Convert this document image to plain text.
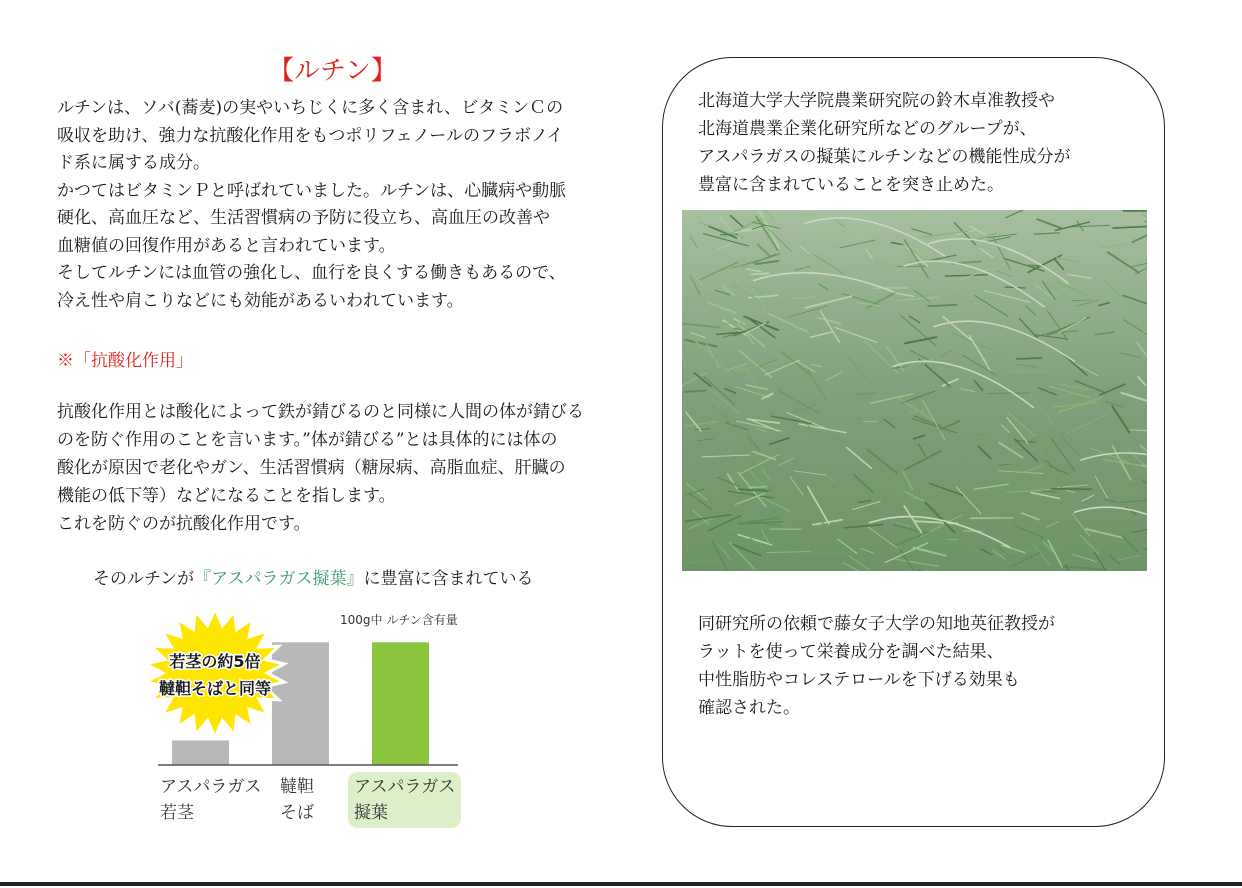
【ルチン】

ルチンは、ソバ(蕎麦)の実やいちじくに多く含まれ、ビタミンＣの

吸収を助け、強力な抗酸化作用をもつポリフェノールのフラボノイ

ド系に属する成分。

かつてはビタミンＰと呼ばれていました。ルチンは、心臓病や動脈

硬化、高血圧など、生活習慣病の予防に役立ち、高血圧の改善や

血糖値の回復作用があると言われています。

そしてルチンには血管の強化し、血行を良くする働きもあるので、

冷え性や肩こりなどにも効能があるいわれています。

※「抗酸化作用」

抗酸化作用とは酸化によって鉄が錆びるのと同様に人間の体が錆びる

のを防ぐ作用のことを言います。”体が錆びる”とは具体的には体の

酸化が原因で老化やガン、生活習慣病（糖尿病、高脂血症、肝臓の

機能の低下等）などになることを指します。

これを防ぐのが抗酸化作用です。

そのルチンが『アスパラガス擬葉』に豊富に含まれている
100g中 ルチン含有量
若茎の約5倍
韃靼そばと同等
アスパラガス
若茎
韃靼
そば
アスパラガス
擬葉

北海道大学大学院農業研究院の鈴木卓准教授や

北海道農業企業化研究所などのグループが、

アスパラガスの擬葉にルチンなどの機能性成分が

豊富に含まれていることを突き止めた。

同研究所の依頼で藤女子大学の知地英征教授が

ラットを使って栄養成分を調べた結果、

中性脂肪やコレステロールを下げる効果も

確認された。
